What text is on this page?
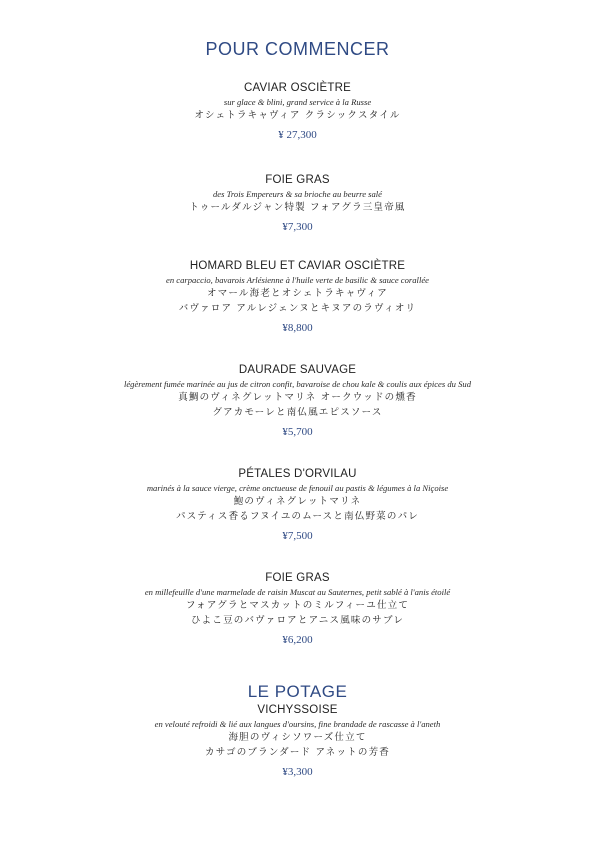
POUR COMMENCER
CAVIAR OSCIÈTRE
sur glace & blini, grand service à la Russe
オシェトラキャヴィア クラシックスタイル
¥ 27,300
FOIE GRAS
des Trois Empereurs & sa brioche au beurre salé
トゥールダルジャン特製 フォアグラ三皇帝風
¥7,300
HOMARD BLEU ET CAVIAR OSCIÈTRE
en carpaccio, bavarois Arlésienne à l'huile verte de basilic & sauce corallée
オマール海老とオシェトラキャヴィア
バヴァロア アルレジェンヌとキヌアのラヴィオリ
¥8,800
DAURADE SAUVAGE
légèrement fumée marinée au jus de citron confit, bavaroise de chou kale & coulis aux épices du Sud
真鯛のヴィネグレットマリネ オークウッドの燻香
グアカモーレと南仏風エピスソース
¥5,700
PÉTALES D'ORVILAU
marinés à la sauce vierge, crème onctueuse de fenouil au pastis & légumes à la Niçoise
鮑のヴィネグレットマリネ
パスティス香るフヌイユのムースと南仏野菜のパレ
¥7,500
FOIE GRAS
en millefeuille d'une marmelade de raisin Muscat au Sauternes, petit sablé à l'anis étoilé
フォアグラとマスカットのミルフィーユ仕立て
ひよこ豆のバヴァロアとアニス風味のサブレ
¥6,200
LE POTAGE
VICHYSSOISE
en velouté refroidi & lié aux langues d'oursins, fine brandade de rascasse à l'aneth
海胆のヴィシソワーズ仕立て
カサゴのブランダード アネットの芳香
¥3,300
